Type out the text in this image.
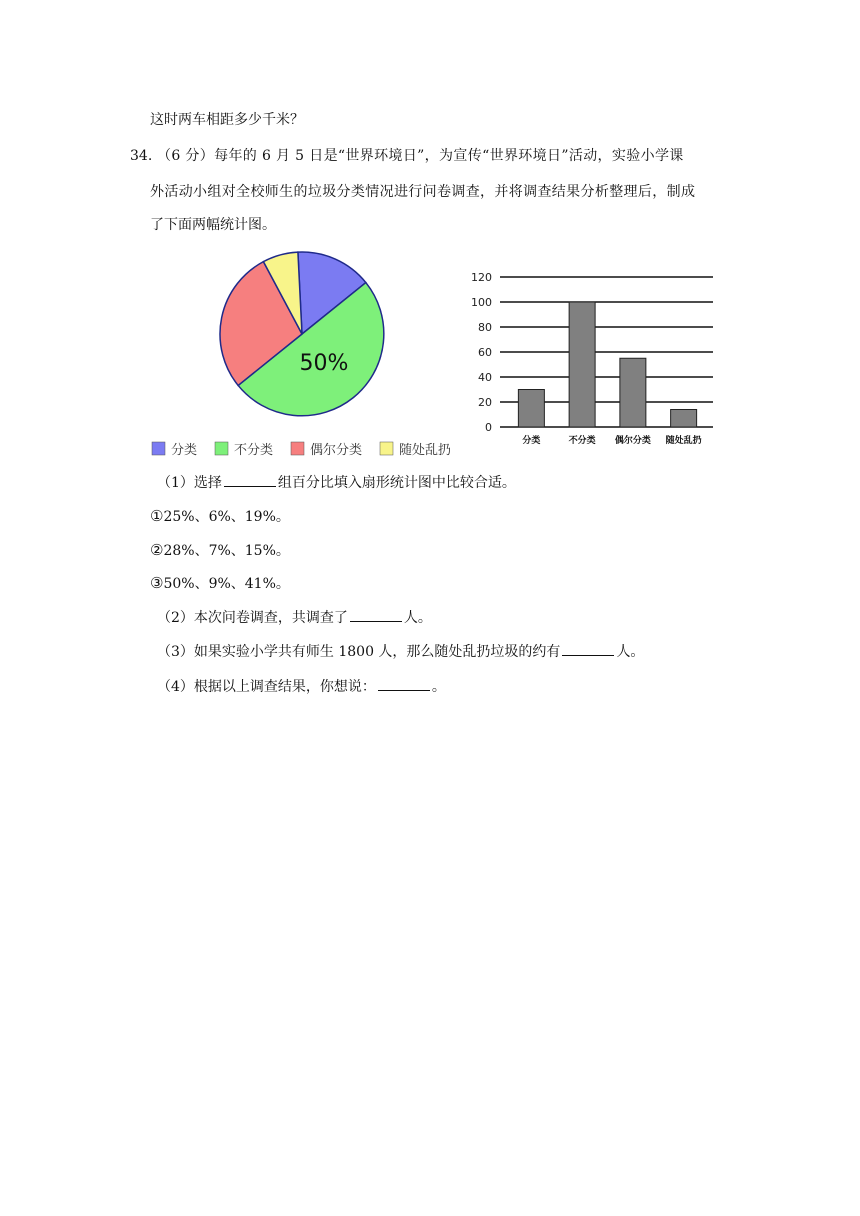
这时两车相距多少千米？
34. （6 分）每年的 6 月 5 日是“世界环境日”，为宣传“世界环境日”活动，实验小学课
外活动小组对全校师生的垃圾分类情况进行问卷调查，并将调查结果分析整理后，制成
了下面两幅统计图。
50%
分类	不分类	偶尔分类	随处乱扔
0
20
40
60
80
100
120
分类	不分类 偶尔分类 随处乱扔
（1）选择	组百分比填入扇形统计图中比较合适。
①25%、6%、19%。
②28%、7%、15%。
③50%、9%、41%。
（2）本次问卷调查，共调查了	人。
（3）如果实验小学共有师生 1800 人，那么随处乱扔垃圾的约有	人。
（4）根据以上调查结果，你想说：	。
